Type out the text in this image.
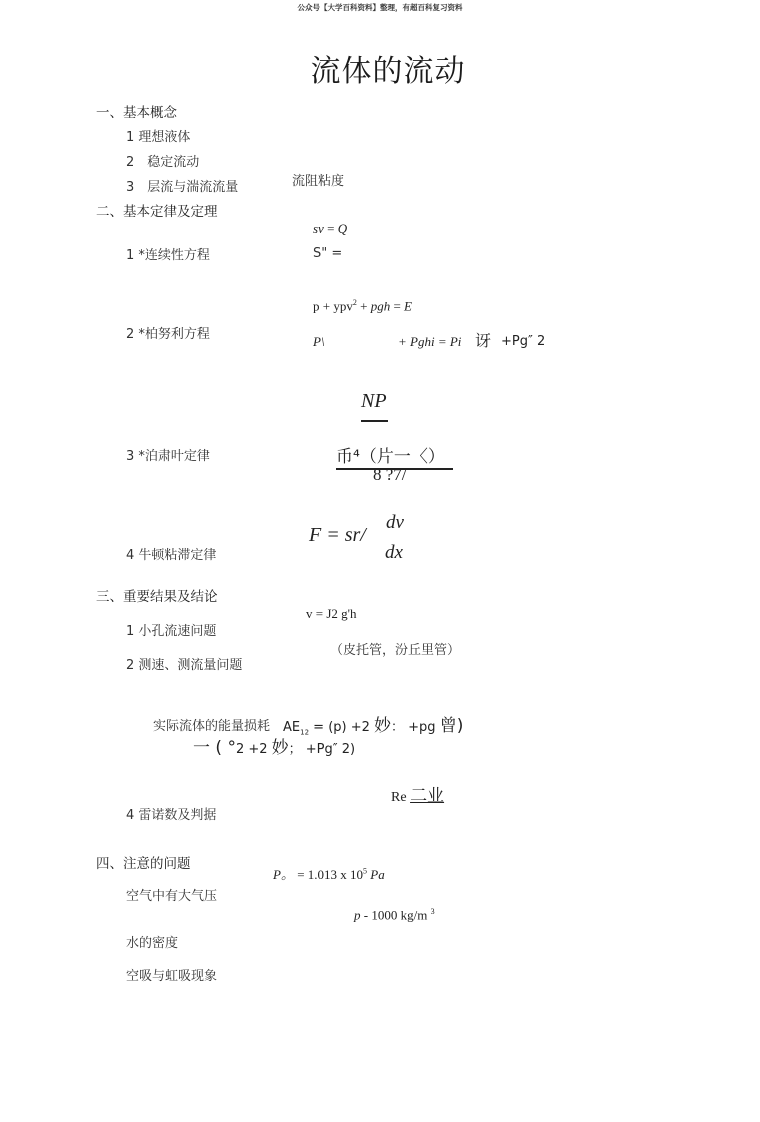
公众号【大学百科资料】整理，有超百科复习资料
流体的流动
一、基本概念
1 理想液体
2　稳定流动
3　层流与湍流流量	流阻粘度
二、基本定律及定理
sv = Q
1 *连续性方程	S" =
p + ypv$^2$ + pgh = E
2 *柏努利方程	P\	+ Pghi = Pi 讶 +Pg″ 2
NP
3 *泊肃叶定律	币⁴（片一〈）
8 ?7/
dv
F = sr/
dx
4 牛顿粘滞定律
三、重要结果及结论
v = J2 g'h
1 小孔流速问题
（皮托管，汾丘里管）
2 测速、测流量问题
实际流体的能量损耗 $AE_{12} = (p) +2$ 妙： +pg 曾)
一 ( °2 +2 妙； +Pg″ 2)
Re 二业
4 雷诺数及判据
四、注意的问题
P。 = 1.013 x $10^5$ Pa
空气中有大气压
p - 1000 kg/m $^3$
水的密度
空吸与虹吸现象
